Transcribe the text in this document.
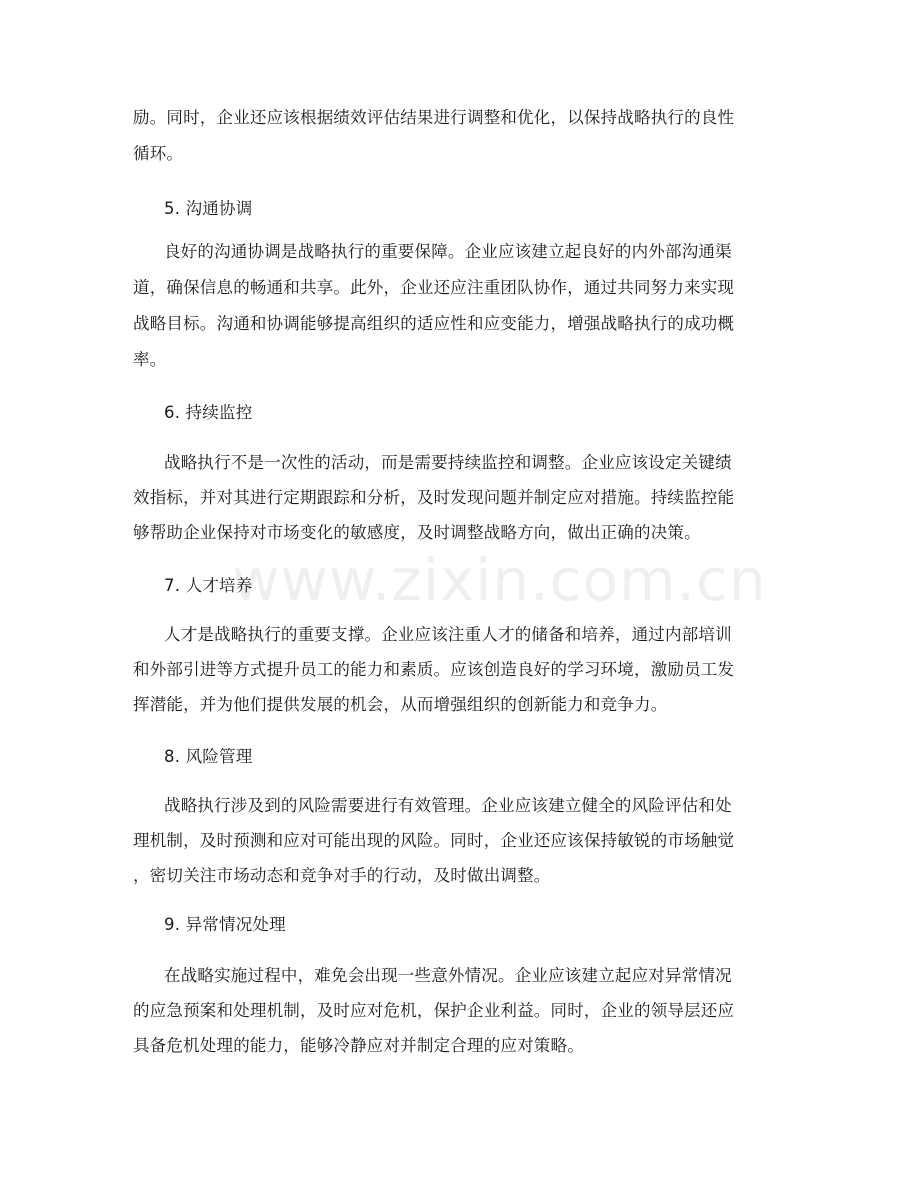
励。同时，企业还应该根据绩效评估结果进行调整和优化，以保持战略执行的良性
循环。
5. 沟通协调
良好的沟通协调是战略执行的重要保障。企业应该建立起良好的内外部沟通渠
道，确保信息的畅通和共享。此外，企业还应注重团队协作，通过共同努力来实现
战略目标。沟通和协调能够提高组织的适应性和应变能力，增强战略执行的成功概
率。
6. 持续监控
战略执行不是一次性的活动，而是需要持续监控和调整。企业应该设定关键绩
效指标，并对其进行定期跟踪和分析，及时发现问题并制定应对措施。持续监控能
够帮助企业保持对市场变化的敏感度，及时调整战略方向，做出正确的决策。
7. 人才培养
人才是战略执行的重要支撑。企业应该注重人才的储备和培养，通过内部培训
和外部引进等方式提升员工的能力和素质。应该创造良好的学习环境，激励员工发
挥潜能，并为他们提供发展的机会，从而增强组织的创新能力和竞争力。
8. 风险管理
战略执行涉及到的风险需要进行有效管理。企业应该建立健全的风险评估和处
理机制，及时预测和应对可能出现的风险。同时，企业还应该保持敏锐的市场触觉
，密切关注市场动态和竞争对手的行动，及时做出调整。
9. 异常情况处理
在战略实施过程中，难免会出现一些意外情况。企业应该建立起应对异常情况
的应急预案和处理机制，及时应对危机，保护企业利益。同时，企业的领导层还应
具备危机处理的能力，能够冷静应对并制定合理的应对策略。
www.zixin.com.cn
